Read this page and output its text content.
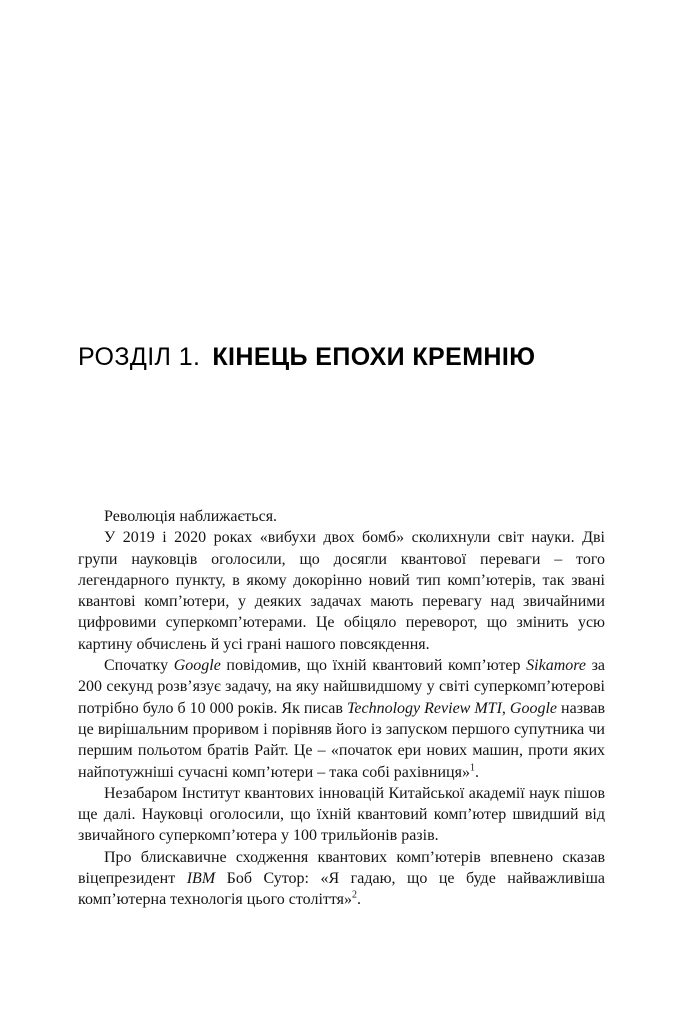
РОЗДІЛ 1. КІНЕЦЬ ЕПОХИ КРЕМНІЮ

Революція наближається.

У 2019 і 2020 роках «вибухи двох бомб» сколихнули світ науки. Дві групи науковців оголосили, що досягли квантової переваги – того легендарного пункту, в якому докорінно новий тип комп’ютерів, так звані квантові комп’ютери, у деяких задачах мають перевагу над звичайними цифровими суперкомп’ютерами. Це обіцяло переворот, що змінить усю картину обчислень й усі грані нашого повсякдення.

Спочатку Google повідомив, що їхній квантовий комп’ютер Sikamore за 200 секунд розв’язує задачу, на яку найшвидшому у світі суперкомп’ютерові потрібно було б 10 000 років. Як писав Technology Review MTI, Google назвав це вирішальним проривом і порівняв його із запуском першого супутника чи першим польотом братів Райт. Це – «початок ери нових машин, проти яких найпотужніші сучасні комп’ютери – така собі рахівниця»$^1$.

Незабаром Інститут квантових інновацій Китайської академії наук пішов ще далі. Науковці оголосили, що їхній квантовий комп’ютер швидший від звичайного суперкомп’ютера у 100 трильйонів разів.

Про блискавичне сходження квантових комп’ютерів впевнено сказав віцепрезидент IBM Боб Сутор: «Я гадаю, що це буде найважливіша комп’ютерна технологія цього століття»$^2$.
